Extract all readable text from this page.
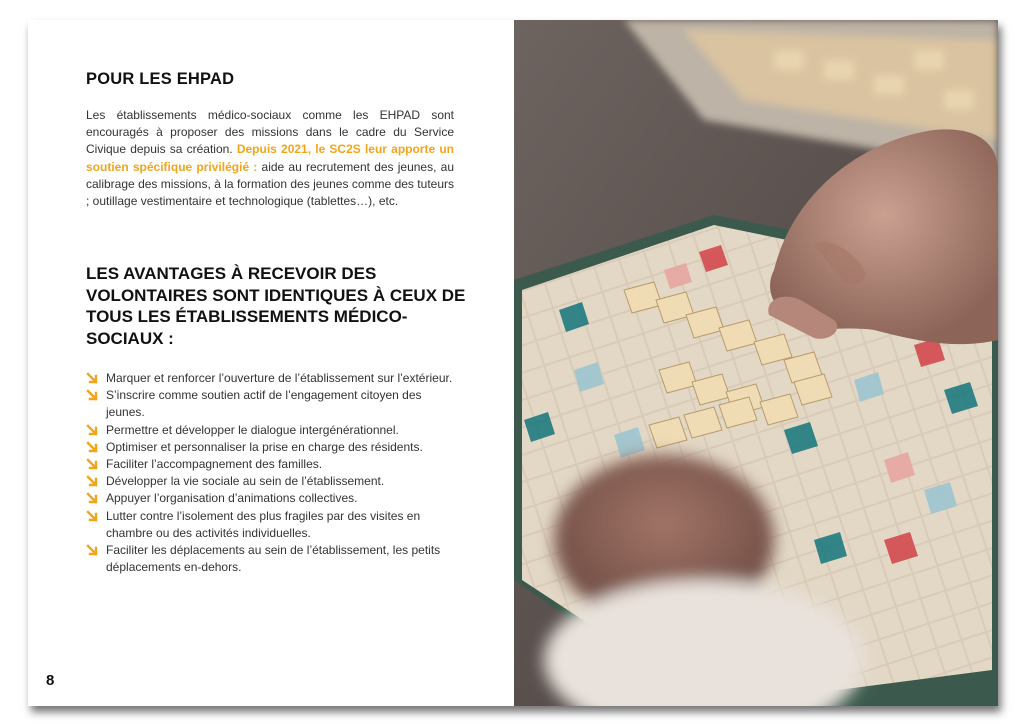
POUR LES EHPAD
Les établissements médico-sociaux comme les EHPAD sont encouragés à proposer des missions dans le cadre du Service Civique depuis sa création. Depuis 2021, le SC2S leur apporte un soutien spécifique privilégié : aide au recrutement des jeunes, au calibrage des missions, à la formation des jeunes comme des tuteurs ; outillage vestimentaire et technologique (tablettes…), etc.
LES AVANTAGES À RECEVOIR DES VOLONTAIRES SONT IDENTIQUES À CEUX DE TOUS LES ÉTABLISSEMENTS MÉDICO-SOCIAUX :
Marquer et renforcer l’ouverture de l’établissement sur l’extérieur.
S’inscrire comme soutien actif de l’engagement citoyen des jeunes.
Permettre et développer le dialogue intergénérationnel.
Optimiser et personnaliser la prise en charge des résidents.
Faciliter l’accompagnement des familles.
Développer la vie sociale au sein de l’établissement.
Appuyer l’organisation d’animations collectives.
Lutter contre l’isolement des plus fragiles par des visites en chambre ou des activités individuelles.
Faciliter les déplacements au sein de l’établissement, les petits déplacements en-dehors.
8
